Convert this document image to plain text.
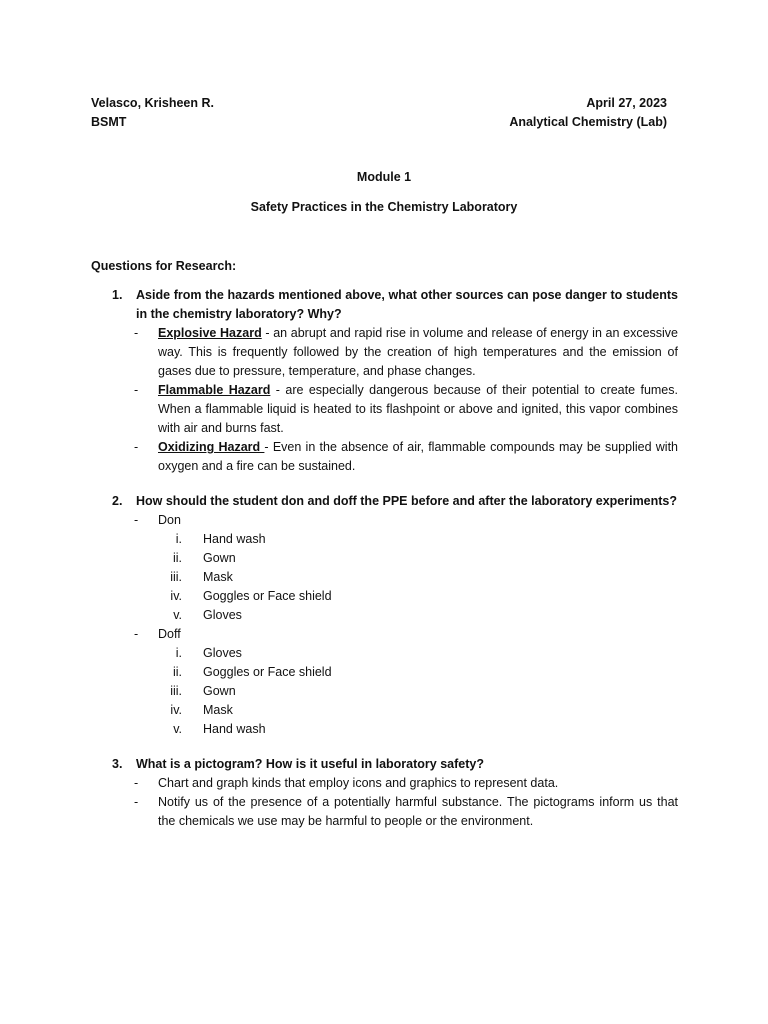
Velasco, Krisheen R.
BSMT
April 27, 2023
Analytical Chemistry (Lab)
Module 1
Safety Practices in the Chemistry Laboratory
Questions for Research:
1. Aside from the hazards mentioned above, what other sources can pose danger to students in the chemistry laboratory? Why?
- Explosive Hazard - an abrupt and rapid rise in volume and release of energy in an excessive way. This is frequently followed by the creation of high temperatures and the emission of gases due to pressure, temperature, and phase changes.
- Flammable Hazard - are especially dangerous because of their potential to create fumes. When a flammable liquid is heated to its flashpoint or above and ignited, this vapor combines with air and burns fast.
- Oxidizing Hazard - Even in the absence of air, flammable compounds may be supplied with oxygen and a fire can be sustained.
2. How should the student don and doff the PPE before and after the laboratory experiments?
- Don
i. Hand wash
ii. Gown
iii. Mask
iv. Goggles or Face shield
v. Gloves
- Doff
i. Gloves
ii. Goggles or Face shield
iii. Gown
iv. Mask
v. Hand wash
3. What is a pictogram? How is it useful in laboratory safety?
- Chart and graph kinds that employ icons and graphics to represent data.
- Notify us of the presence of a potentially harmful substance. The pictograms inform us that the chemicals we use may be harmful to people or the environment.
